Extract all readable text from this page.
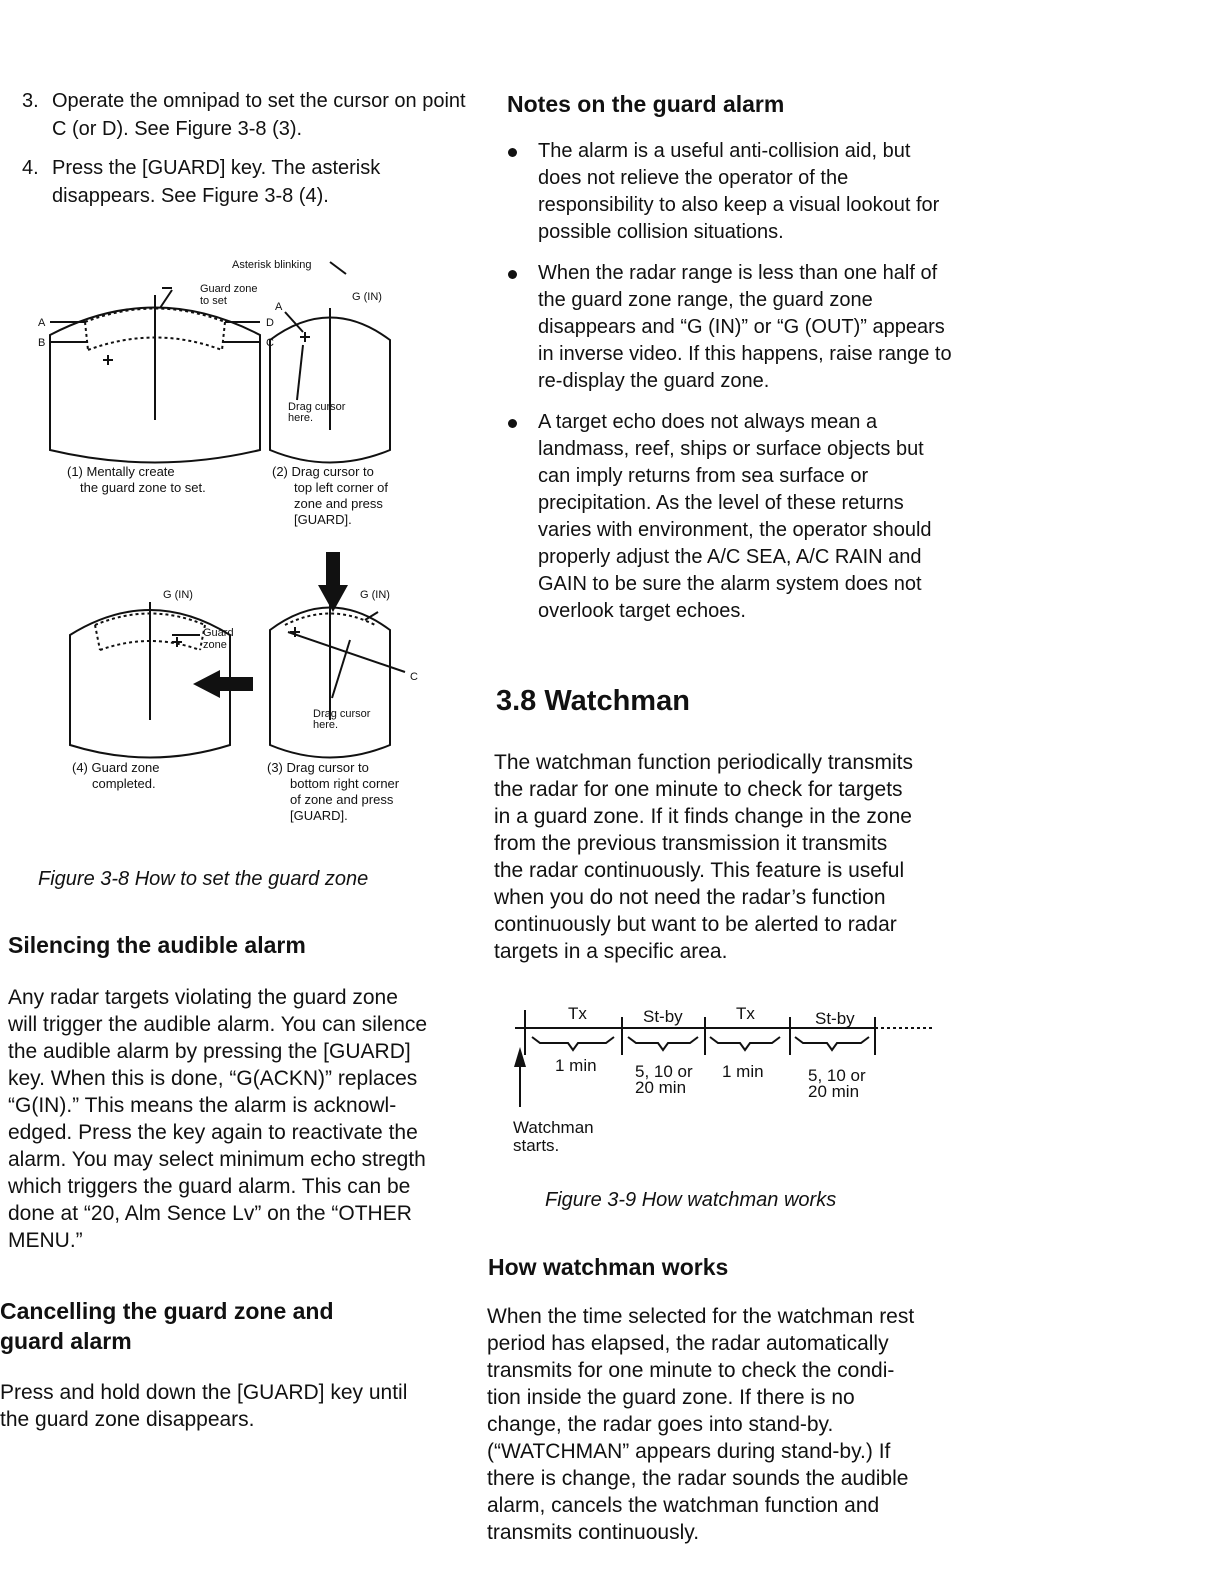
3. Operate the omnipad to set the cursor on point C (or D). See Figure 3-8 (3).
4. Press the [GUARD] key. The asterisk disappears. See Figure 3-8 (4).
Asterisk blinking
Guard zone
to set
A
B
D
C
A
G (IN)
Drag cursor
here.
G (IN)
Guard
zone
G (IN)
C
Drag cursor
here.
(1) Mentally create
the guard zone to set.
(2) Drag cursor to
top left corner of
zone and press
[GUARD].
(4) Guard zone
completed.
(3) Drag cursor to
bottom right corner
of zone and press
[GUARD].

Figure 3-8 How to set the guard zone

Silencing the audible alarm

Any radar targets violating the guard zone
will trigger the audible alarm. You can silence
the audible alarm by pressing the [GUARD]
key. When this is done, “G(ACKN)” replaces
“G(IN).” This means the alarm is acknowl-
edged. Press the key again to reactivate the
alarm. You may select minimum echo stregth
which triggers the guard alarm. This can be
done at “20, Alm Sence Lv” on the “OTHER
MENU.”
Cancelling the guard zone and
guard alarm
Press and hold down the [GUARD] key until
the guard zone disappears.

Notes on the guard alarm

The alarm is a useful anti-collision aid, but does not relieve the operator of the responsibility to also keep a visual lookout for possible collision situations.
When the radar range is less than one half of the guard zone range, the guard zone disappears and “G (IN)” or “G (OUT)” appears in inverse video. If this happens, raise range to re-display the guard zone.
A target echo does not always mean a landmass, reef, ships or surface objects but can imply returns from sea surface or precipitation. As the level of these returns varies with environment, the operator should properly adjust the A/C SEA, A/C RAIN and GAIN to be sure the alarm system does not overlook target echoes.

3.8 Watchman

The watchman function periodically transmits
the radar for one minute to check for targets
in a guard zone. If it finds change in the zone
from the previous transmission it transmits
the radar continuously. This feature is useful
when you do not need the radar’s function
continuously but want to be alerted to radar
targets in a specific area.
Tx	St-by	Tx	St-by
1 min 5, 10 or
20 min
1 min	5, 10 or
20 min
Watchman
starts.

Figure 3-9 How watchman works

How watchman works

When the time selected for the watchman rest
period has elapsed, the radar automatically
transmits for one minute to check the condi-
tion inside the guard zone. If there is no
change, the radar goes into stand-by.
(“WATCHMAN” appears during stand-by.) If
there is change, the radar sounds the audible
alarm, cancels the watchman function and
transmits continuously.
